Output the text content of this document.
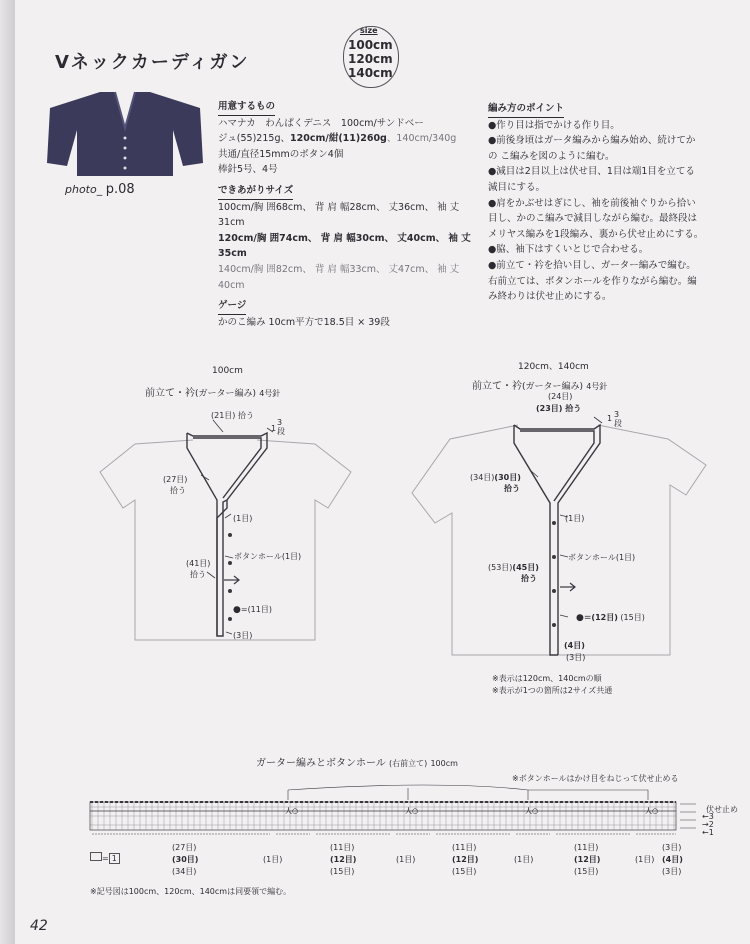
Vネックカーディガン
size
100cm
120cm
140cm
photo_ p.08
用意するもの
ハマナカ　わんぱくデニス　100cm/サンドベー
ジュ(55)215g、120cm/紺(11)260g、140cm/340g
共通/直径15mmのボタン4個
棒針5号、4号
できあがりサイズ
100cm/胸 囲68cm、 背 肩 幅28cm、 丈36cm、 袖 丈
31cm
120cm/胸 囲74cm、 背 肩 幅30cm、 丈40cm、 袖 丈
35cm
140cm/胸 囲82cm、 背 肩 幅33cm、 丈47cm、 袖 丈
40cm
ゲージ
かのこ編み 10cm平方で18.5目 × 39段
編み方のポイント
●作り目は指でかける作り目。
●前後身頃はガータ編みから編み始め、続けてか
の こ編みを図のように編む。
●減目は2目以上は伏せ目、1目は端1目を立てる
減目にする。
●肩をかぶせはぎにし、袖を前後袖ぐりから拾い
目し、かのこ編みで減目しながら編む。最終段は
メリヤス編みを1段編み、裏から伏せ止めにする。
●脇、袖下はすくいとじで合わせる。
●前立て・衿を拾い目し、ガーター編みで編む。
右前立ては、ボタンホールを作りながら編む。編
み終わりは伏せ止めにする。
100cm
前立て・衿(ガーター編み) 4号針
(21目) 拾う
1
3段
(27目)
拾う
(1目)
ボタンホール(1目)
(41目)
拾う
●=(11目)
(3目)
120cm、140cm
前立て・衿(ガーター編み) 4号針
(24目)
(23目) 拾う
1 3段
(34目)(30目)
拾う
(1目)
ボタンホール(1目)
(53目)(45目)
拾う
●=(12目) (15目)
(4目)
(3目)
※表示は120cm、140cmの順
※表示が1つの箇所は2サイズ共通
ガーター編みとボタンホール (右前立て) 100cm
※ボタンホールはかけ目をねじって伏せ止める
人○	人○	人○	人○	伏せ止め
←3
→2
←1
= 1
(27目)
(30目)
(34目)
(1目)
(11目)
(12目)
(15目)
(1目)
(11目)
(12目)
(15目)
(1目)
(11目)
(12目)
(15目)
(1目)
(3目)
(4目)
(3目)
※記号図は100cm、120cm、140cmは同要領で編む。
42
